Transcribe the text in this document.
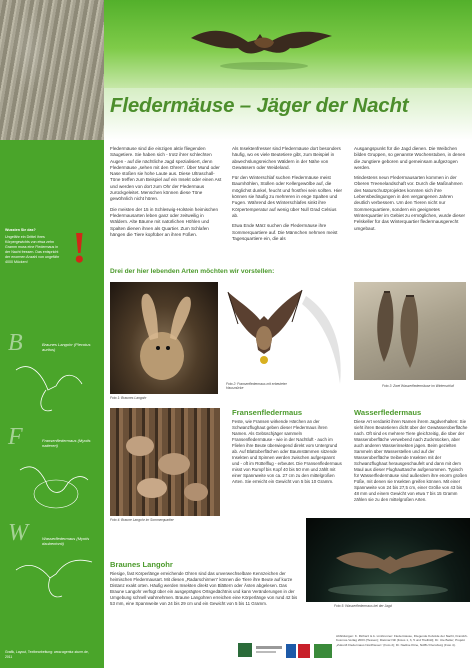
Fledermäuse – Jäger der Nacht

Fledermäuse sind die einzigen aktiv fliegenden Säugetiere. Sie haben sich - trotz ihrer schlechten Augen - auf die nächtliche Jagd spezialisiert, denn Fledermäuse „sehen mit den Ohren“. Über Mund oder Nase stoßen sie hohe Laute aus. Diese Ultraschall-Töne treffen zum Beispiel auf ein Insekt oder einen Ast und werden von dort zum Ohr der Fledermaus zurückgeleitet. Menschen können diese Töne gewöhnlich nicht hören.

Die meisten der 15 in Schleswig-Holstein heimischen Fledermausarten leben ganz oder zeitweilig in Wäldern. Alte Bäume mit natürlichen Höhlen und Spalten dienen ihnen als Quartier. Zum Schlafen hängen die Tiere kopfüber an ihren Füßen.

Als Insektenfresser sind Fledermäuse dort besonders häufig, wo es viele Beutetiere gibt, zum Beispiel in abwechslungsreichen Wäldern in der Nähe von Gewässern oder Weideland.

Für den Winterschlaf suchen Fledermäuse meist Baumhöhlen, Stollen oder Kellergewölbe auf, die möglichst dunkel, feucht und frostfrei sein sollten. Hier können sie häufig zu mehreren in enge Spalten und Fugen. Während des Winterschlafes sinkt ihre Körpertemperatur auf wenig über Null Grad Celsius ab.

Etwa Ende März suchen die Fledermäuse ihre Sommerquartiere auf. Die Männchen nehmen meist Tagesquartiere ein, die als

Ausgangspunkt für die Jagd dienen. Die Weibchen bilden Gruppen, so genannte Wochenstuben, in denen die Jungtiere geboren und gemeinsam aufgezogen werden.

Mindestens neun Fledermausarten kommen in der Oberen Treenelandschaft vor. Durch die Maßnahmen des Naturschutzprojektes konnten sich ihre Lebensbedingungen in den vergangenen Jahren deutlich verbessern. Um den Tieren nicht nur Sommerquartiere, sondern ein geeignetes Winterquartier im Gebiet zu ermöglichen, wurde dieser Felskeller für das Winterquartier fledermausgerecht umgebaut.

Wussten Sie das?
Ungefähr ein Drittel ihres Körpergewichts von etwa zehn Gramm muss eine Fledermaus in der Nacht fressen. Das entspricht der enormen Anzahl von ungefähr 4000 Mücken!	!	Drei der hier lebenden Arten möchten wir vorstellen:
Foto 1: Braunes Langohr
Foto 2: Fransenfledermaus mit erbeuteter Hausmücke
Foto 3: Zwei Wasserfledermäuse im Winterschlaf
Foto 4: Braune Langohr im Sommerquartier
Fransenfledermaus
Feste, wie Fransen wirkende Härchen an der Schwanzflughaut geben dieser Fledermaus ihren Namen. Als Gebüschjäger sammeln Fransenfledermäuse - wie in der Nachtluft - auch im Flielen ihre Beute überwiegend direkt vom Untergrund ab. Auf Blattoberflächen oder Baumstämmen sitzende Insekten und Spinnen werden zwischen aufgespannt und - oft im Rüttelflug - erbeutet. Die Fransenfledermaus misst von Rumpf bis Kopf 40 bis 50 mm und zählt mit einer Spannweite von ca. 27 cm zu den mittelgroßen Arten. Sie erreicht ein Gewicht von 5 bis 10 Gramm.
Wasserfledermaus
Diese Art verdankt ihren Namen ihrem Jagdverhalten: Sie sieht ihren Beutetieren dicht über der Gewässeroberfläche nach. Oft sind es mehrere Tiere gleichzeitig, die über der Wasseroberfläche verwebend nach Zuckmücken, aber auch anderen Wasserinsekten jagen. Beim gezielten Sammeln über Wasserstellen und auf der Wasseroberfläche treibende Insekten mit der Schwanzflughaut herausgeschaufelt und dann mit dem Maul aus dieser Flughauttasche aufgenommen. Typisch für Wasserfledermäuse sind außerdem ihre enorm großen Füße, mit denen sie Insekten greifen können. Mit einer Spannweite von 24 bis 27,5 cm, einer Größe von 43 bis 48 mm und einem Gewicht von etwa 7 bis 15 Gramm zählen sie zu den mittelgroßen Arten.
Foto 5: Wasserfledermaus bei der Jagd
Braunes Langohr
Riesige, fast Körperlänge erreichende Ohren sind das unverwechselbare Kennzeichen der heimischen Fledermausart. Mit diesen „Radarschirmen“ können die Tiere ihre Beute auf kurze Distanz exakt orten. Häufig werden Insekten direkt von Blättern oder Ästen abgelesen. Das Braune Langohr verfügt über ein ausgeprägtes Ortsgedächtnis und kann Veränderungen in der Umgebung schnell wahrnehmen. Braune Langohren erreichen eine Körperlänge von rund 42 bis 53 mm, eine Spannweite von 24 bis 29 cm und ein Gewicht von 5 bis 11 Gramm.
B	Braunes Langohr (Plecotus auritus)
F	Fransenfledermaus (Myotis nattereri)
W	Wasserfledermaus (Myotis daubentonii)
Grafik, Layout, Textbearbeitung: www.agentur-sturm.de, 2011
Abbildungen: K. Richarz & A. Limbrunner: Fledermäuse, Fliegende Kobolde der Nacht, Franckh-Kosmos-Verlag 2003 (Hessen); Dietmar Nill (Fotos 1, 3, 5 und Titelbild); Dr. Ute Beller; Projekt „Zukunft Fledermaus Nordfriesen“ (Foto 2); Dr. Nadine Kline, NABU Flensburg (Foto 4).
